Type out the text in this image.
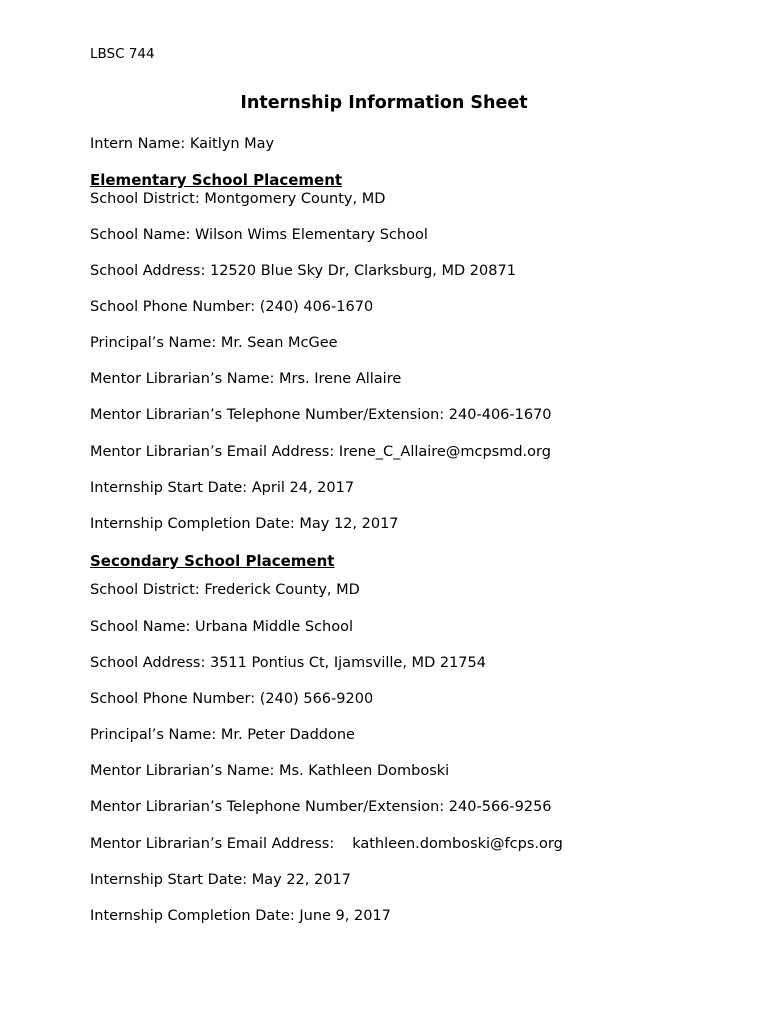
LBSC 744
Internship Information Sheet
Intern Name: Kaitlyn May
Elementary School Placement
School District: Montgomery County, MD
School Name: Wilson Wims Elementary School
School Address: 12520 Blue Sky Dr, Clarksburg, MD 20871
School Phone Number: (240) 406-1670
Principal’s Name: Mr. Sean McGee
Mentor Librarian’s Name: Mrs. Irene Allaire
Mentor Librarian’s Telephone Number/Extension: 240-406-1670
Mentor Librarian’s Email Address: Irene_C_Allaire@mcpsmd.org
Internship Start Date: April 24, 2017
Internship Completion Date: May 12, 2017
Secondary School Placement
School District: Frederick County, MD
School Name: Urbana Middle School
School Address: 3511 Pontius Ct, Ijamsville, MD 21754
School Phone Number: (240) 566-9200
Principal’s Name: Mr. Peter Daddone
Mentor Librarian’s Name: Ms. Kathleen Domboski
Mentor Librarian’s Telephone Number/Extension: 240-566-9256
Mentor Librarian’s Email Address: kathleen.domboski@fcps.org
Internship Start Date: May 22, 2017
Internship Completion Date: June 9, 2017
